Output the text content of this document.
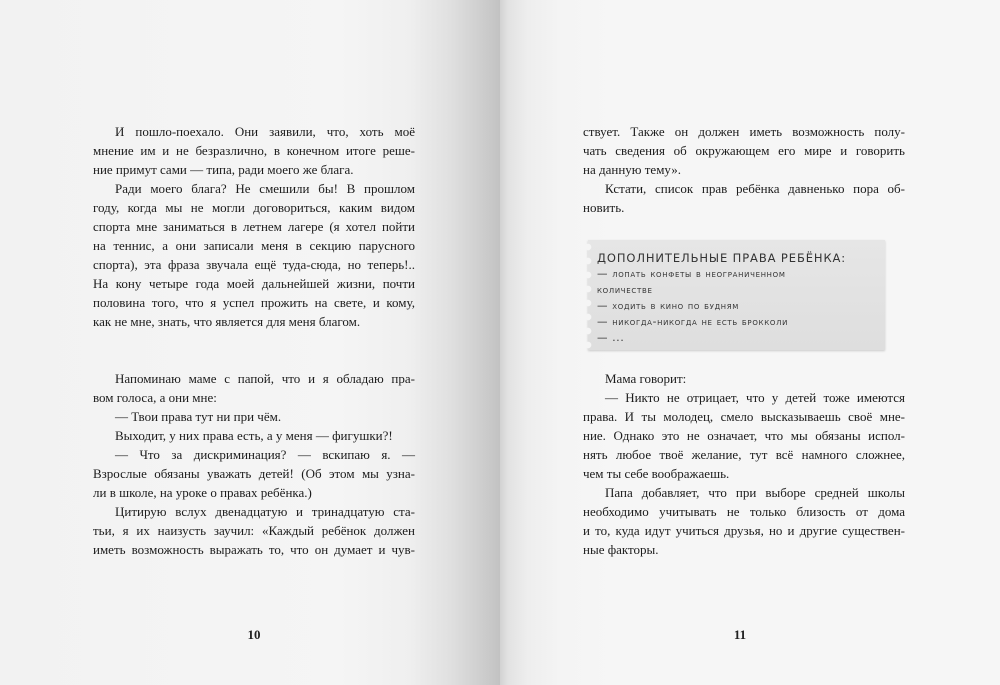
И пошло-поехало. Они заявили, что, хоть моё
мнение им и не безразлично, в конечном итоге реше-
ние примут сами — типа, ради моего же блага.
Ради моего блага? Не смешили бы! В прошлом
году, когда мы не могли договориться, каким видом
спорта мне заниматься в летнем лагере (я хотел пойти
на теннис, а они записали меня в секцию парусного
спорта), эта фраза звучала ещё туда-сюда, но теперь!..
На кону четыре года моей дальнейшей жизни, почти
половина того, что я успел прожить на свете, и кому,
как не мне, знать, что является для меня благом.
Напоминаю маме с папой, что и я обладаю пра-
вом голоса, а они мне:
— Твои права тут ни при чём.
Выходит, у них права есть, а у меня — фигушки?!
— Что за дискриминация? — вскипаю я. —
Взрослые обязаны уважать детей! (Об этом мы узна-
ли в школе, на уроке о правах ребёнка.)
Цитирую вслух двенадцатую и тринадцатую ста-
тьи, я их наизусть заучил: «Каждый ребёнок должен
иметь возможность выражать то, что он думает и чув-
10
ствует. Также он должен иметь возможность полу-
чать сведения об окружающем его мире и говорить
на данную тему».
Кстати, список прав ребёнка давненько пора об-
новить.
ДОПОЛНИТЕЛЬНЫЕ ПРАВА РЕБЁНКА:
— лопать конфеты в неограниченном
количестве
— ходить в кино по будням
— никогда-никогда не есть брокколи
— ...
Мама говорит:
— Никто не отрицает, что у детей тоже имеются
права. И ты молодец, смело высказываешь своё мне-
ние. Однако это не означает, что мы обязаны испол-
нять любое твоё желание, тут всё намного сложнее,
чем ты себе воображаешь.
Папа добавляет, что при выборе средней школы
необходимо учитывать не только близость от дома
и то, куда идут учиться друзья, но и другие существен-
ные факторы.
11
